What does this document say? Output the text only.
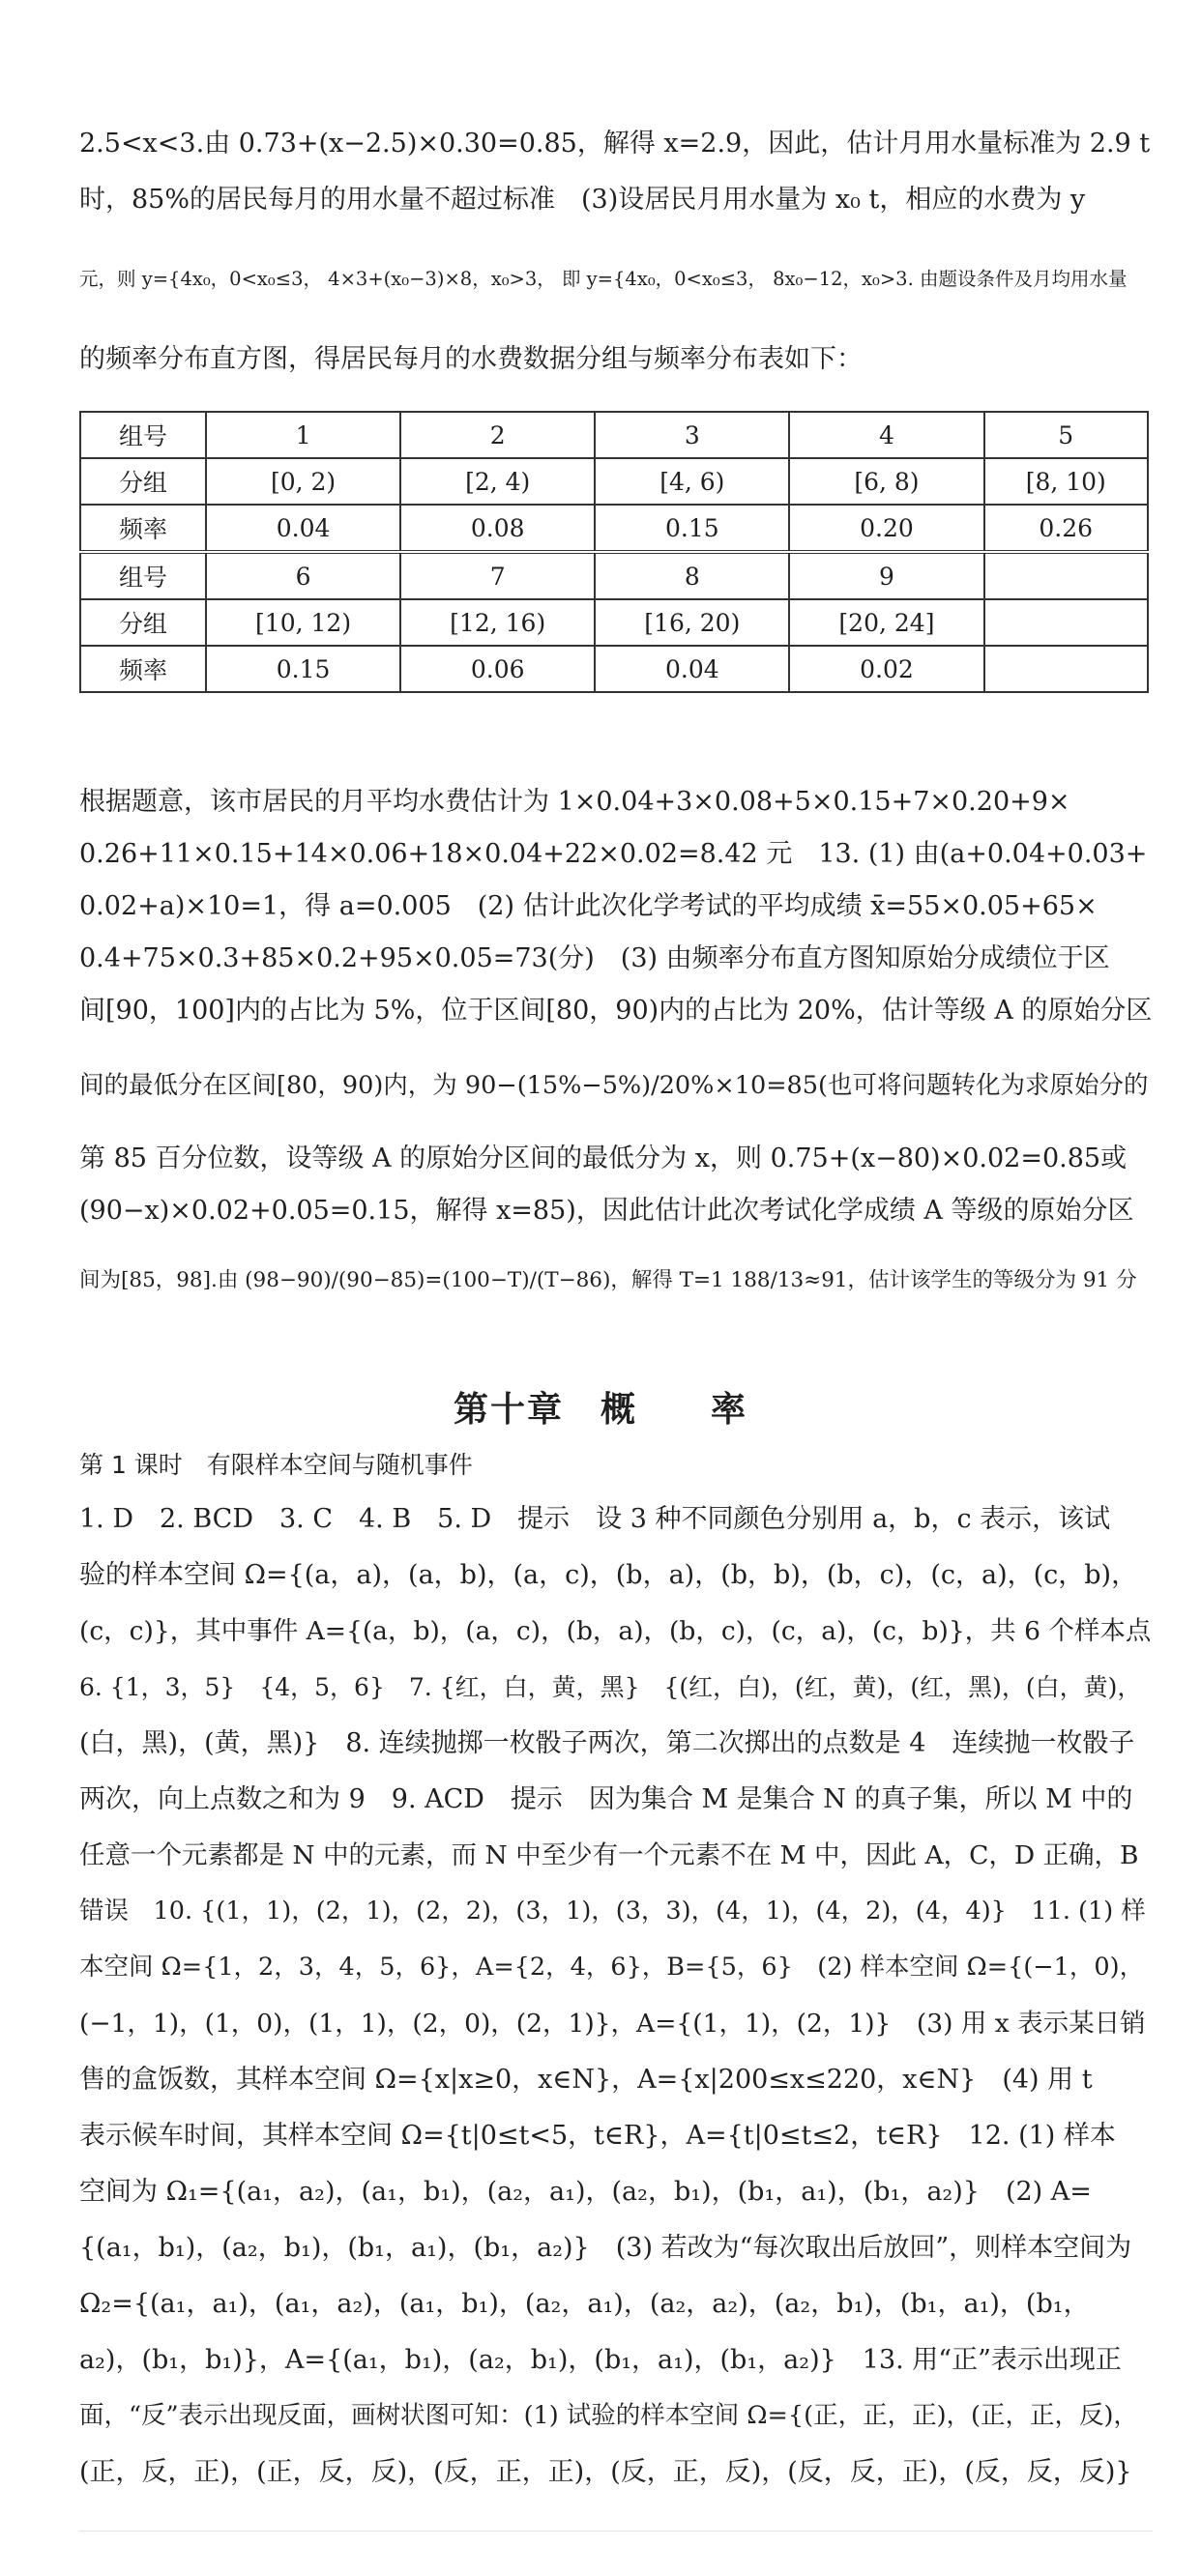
2.5<x<3.由 0.73+(x−2.5)×0.30=0.85，解得 x=2.9，因此，估计月用水量标准为 2.9 t
时，85%的居民每月的用水量不超过标准　(3)设居民月用水量为 x₀ t，相应的水费为 y
元，则 y={4x₀，0<x₀≤3， 4×3+(x₀−3)×8，x₀>3， 即 y={4x₀，0<x₀≤3， 8x₀−12，x₀>3. 由题设条件及月均用水量
的频率分布直方图，得居民每月的水费数据分组与频率分布表如下：
组号	1	2	3	4	5
分组	[0, 2)	[2, 4)	[4, 6)	[6, 8)	[8, 10)
频率	0.04	0.08	0.15	0.20	0.26
组号	6	7	8	9	
分组	[10, 12)	[12, 16)	[16, 20)	[20, 24]	
频率	0.15	0.06	0.04	0.02	
根据题意，该市居民的月平均水费估计为 1×0.04+3×0.08+5×0.15+7×0.20+9×
0.26+11×0.15+14×0.06+18×0.04+22×0.02=8.42 元　13. (1) 由(a+0.04+0.03+
0.02+a)×10=1，得 a=0.005　(2) 估计此次化学考试的平均成绩 x̄=55×0.05+65×
0.4+75×0.3+85×0.2+95×0.05=73(分)　(3) 由频率分布直方图知原始分成绩位于区
间[90，100]内的占比为 5%，位于区间[80，90)内的占比为 20%，估计等级 A 的原始分区
间的最低分在区间[80，90)内，为 90−(15%−5%)/20%×10=85(也可将问题转化为求原始分的
第 85 百分位数，设等级 A 的原始分区间的最低分为 x，则 0.75+(x−80)×0.02=0.85或
(90−x)×0.02+0.05=0.15，解得 x=85)，因此估计此次考试化学成绩 A 等级的原始分区
间为[85，98].由 (98−90)/(90−85)=(100−T)/(T−86)，解得 T=1 188/13≈91，估计该学生的等级分为 91 分
第十章　概　　率
第 1 课时　有限样本空间与随机事件
1. D　2. BCD　3. C　4. B　5. D　提示　设 3 种不同颜色分别用 a，b，c 表示，该试
验的样本空间 Ω={(a，a)，(a，b)，(a，c)，(b，a)，(b，b)，(b，c)，(c，a)，(c，b)，
(c，c)}，其中事件 A={(a，b)，(a，c)，(b，a)，(b，c)，(c，a)，(c，b)}，共 6 个样本点
6. {1，3，5}　{4，5，6}　7. {红，白，黄，黑}　{(红，白)，(红，黄)，(红，黑)，(白，黄)，
(白，黑)，(黄，黑)}　8. 连续抛掷一枚骰子两次，第二次掷出的点数是 4　连续抛一枚骰子
两次，向上点数之和为 9　9. ACD　提示　因为集合 M 是集合 N 的真子集，所以 M 中的
任意一个元素都是 N 中的元素，而 N 中至少有一个元素不在 M 中，因此 A，C，D 正确，B
错误　10. {(1，1)，(2，1)，(2，2)，(3，1)，(3，3)，(4，1)，(4，2)，(4，4)}　11. (1) 样
本空间 Ω={1，2，3，4，5，6}，A={2，4，6}，B={5，6}　(2) 样本空间 Ω={(−1，0)，
(−1，1)，(1，0)，(1，1)，(2，0)，(2，1)}，A={(1，1)，(2，1)}　(3) 用 x 表示某日销
售的盒饭数，其样本空间 Ω={x|x≥0，x∈N}，A={x|200≤x≤220，x∈N}　(4) 用 t
表示候车时间，其样本空间 Ω={t|0≤t<5，t∈R}，A={t|0≤t≤2，t∈R}　12. (1) 样本
空间为 Ω₁={(a₁，a₂)，(a₁，b₁)，(a₂，a₁)，(a₂，b₁)，(b₁，a₁)，(b₁，a₂)}　(2) A=
{(a₁，b₁)，(a₂，b₁)，(b₁，a₁)，(b₁，a₂)}　(3) 若改为“每次取出后放回”，则样本空间为
Ω₂={(a₁，a₁)，(a₁，a₂)，(a₁，b₁)，(a₂，a₁)，(a₂，a₂)，(a₂，b₁)，(b₁，a₁)，(b₁，
a₂)，(b₁，b₁)}，A={(a₁，b₁)，(a₂，b₁)，(b₁，a₁)，(b₁，a₂)}　13. 用“正”表示出现正
面，“反”表示出现反面，画树状图可知：(1) 试验的样本空间 Ω={(正，正，正)，(正，正，反)，
(正，反，正)，(正，反，反)，(反，正，正)，(反，正，反)，(反，反，正)，(反，反，反)}
